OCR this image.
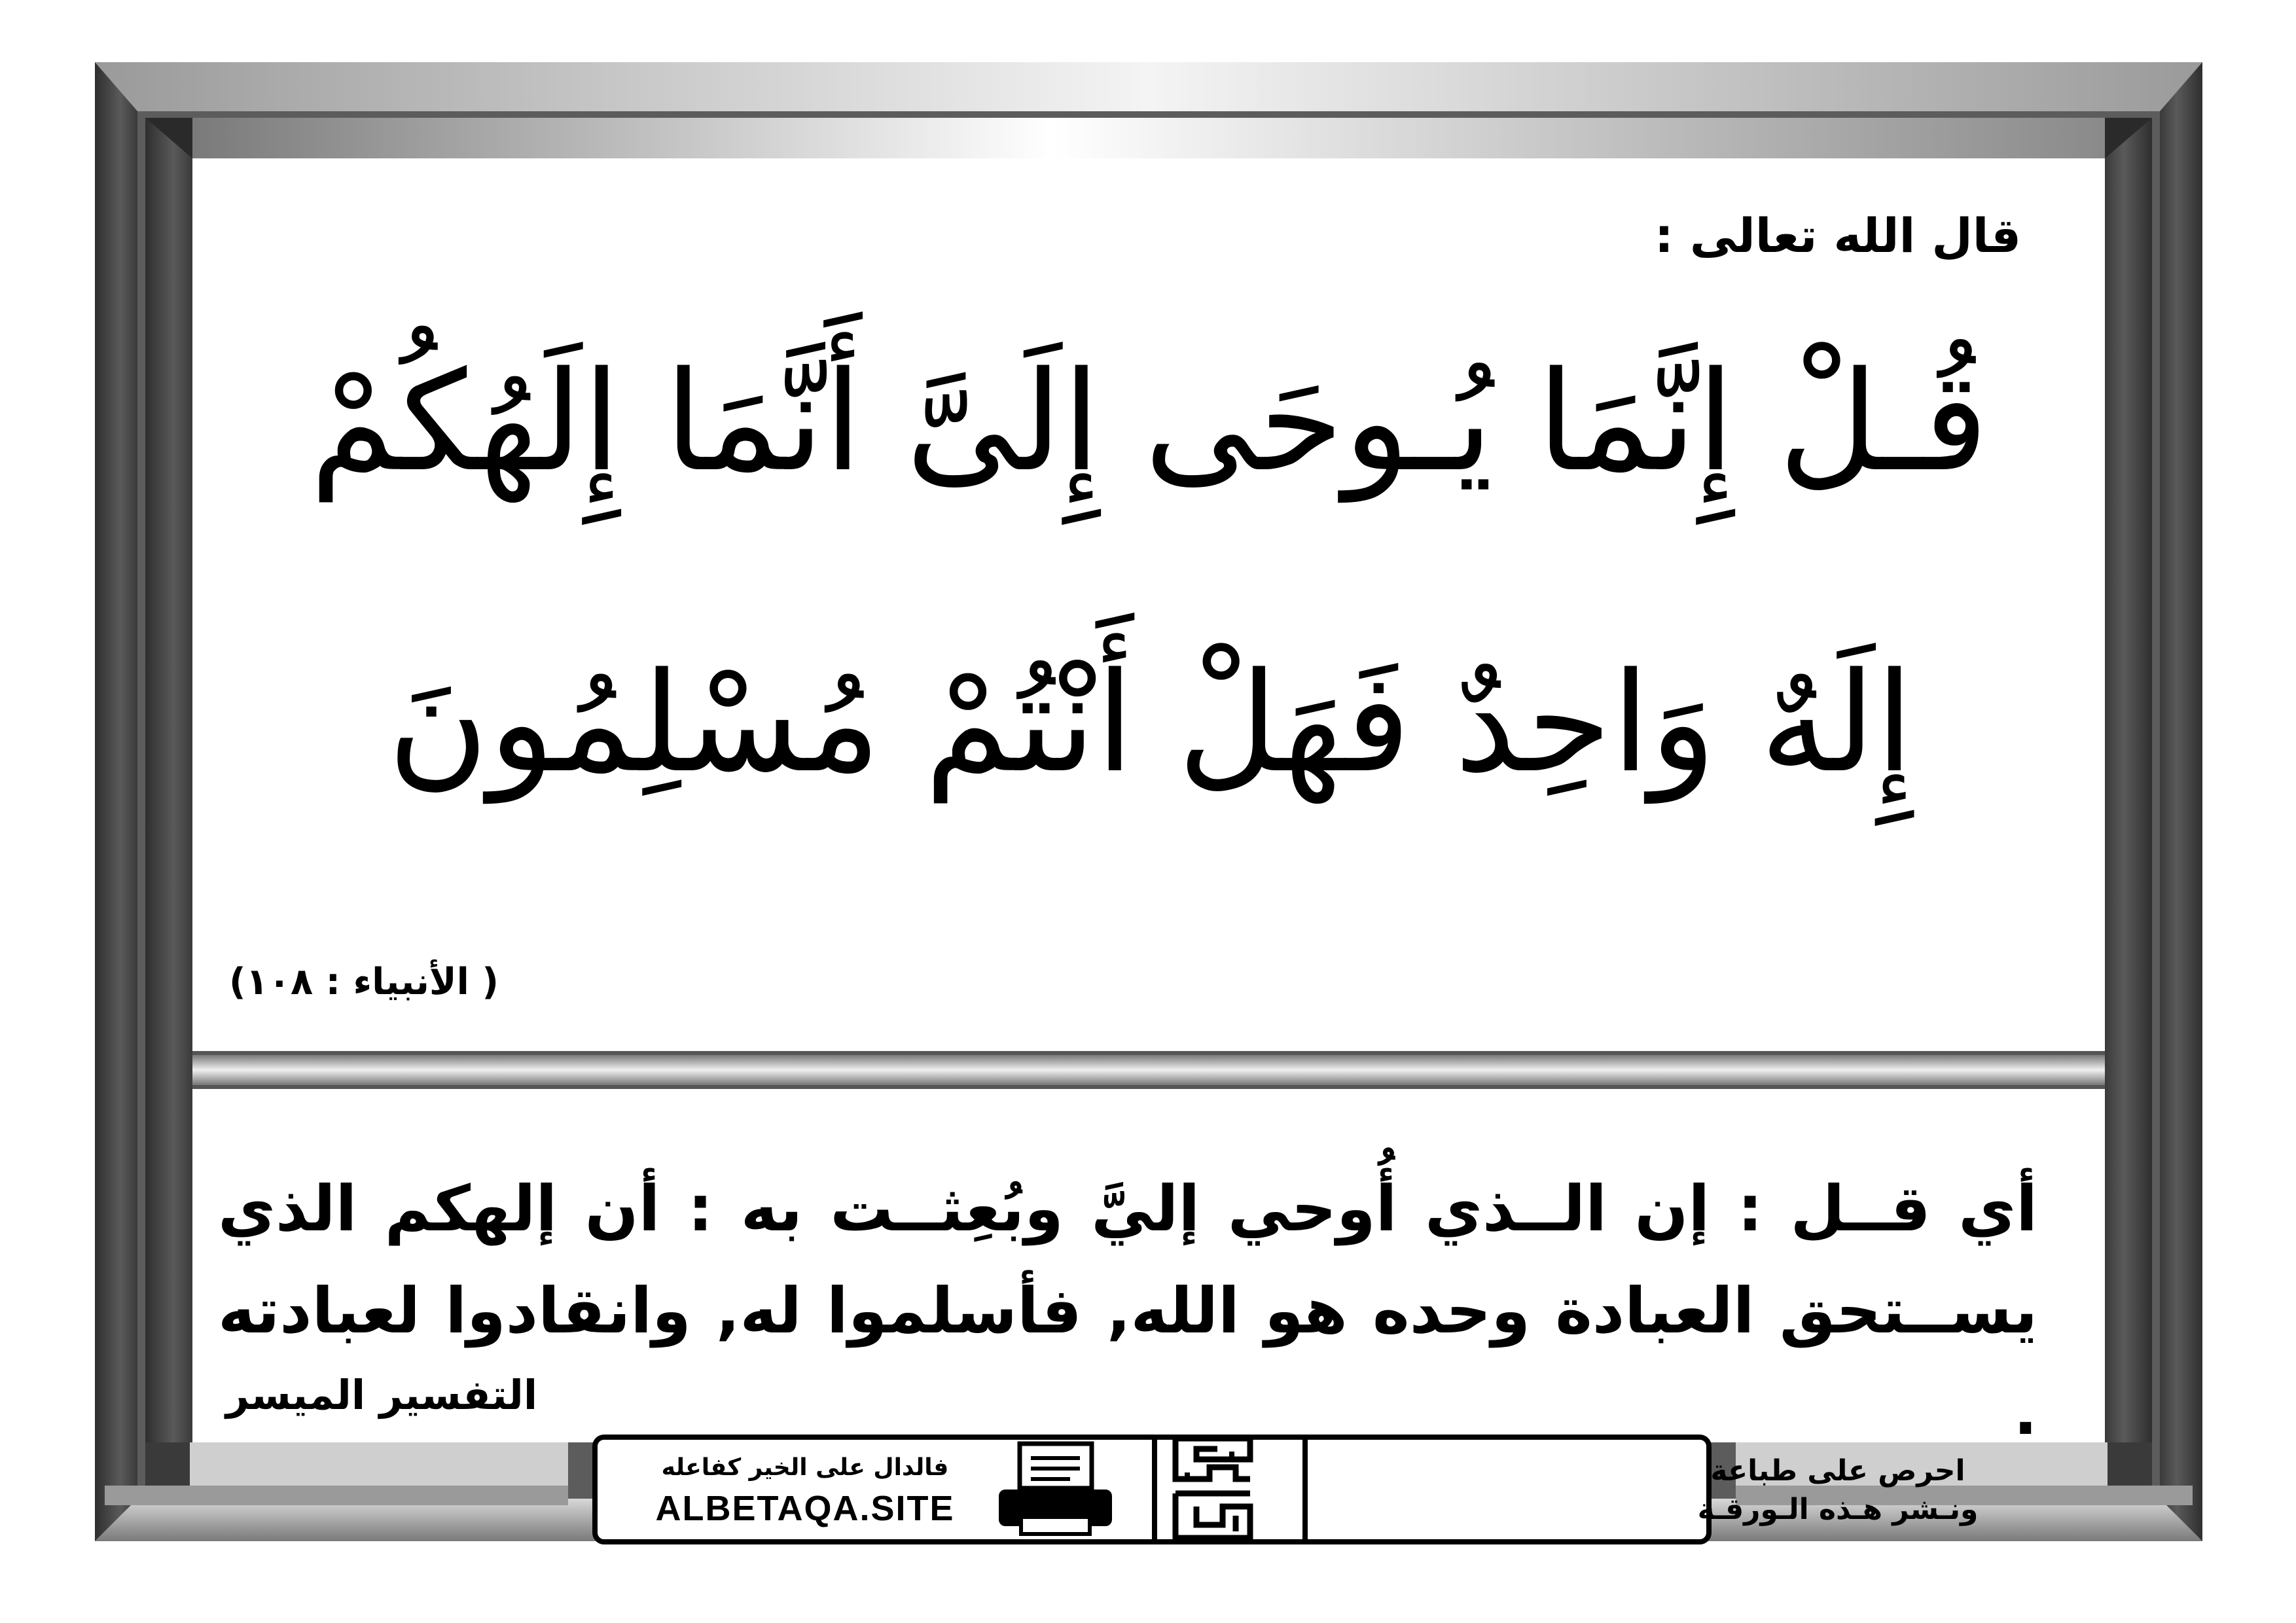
قال الله تعالى :
قُـلْ إِنَّمَا يُـوحَى إِلَىَّ أَنَّمَا إِلَهُكُمْ
إِلَهٌ وَاحِدٌ فَهَلْ أَنْتُمْ مُسْلِمُونَ
( الأنبياء : ١٠٨)
أي قــل : إن الــذي أُوحي إليَّ وبُعِثــت به : أن إلهكم الذي يســتحق العبادة وحده هو الله, فأسلموا له, وانقادوا لعبادته .
التفسير الميسر
فالدال على الخير كفاعله
ALBETAQA.SITE
احرص على طباعة
ونـشر هـذه الـورقـة
